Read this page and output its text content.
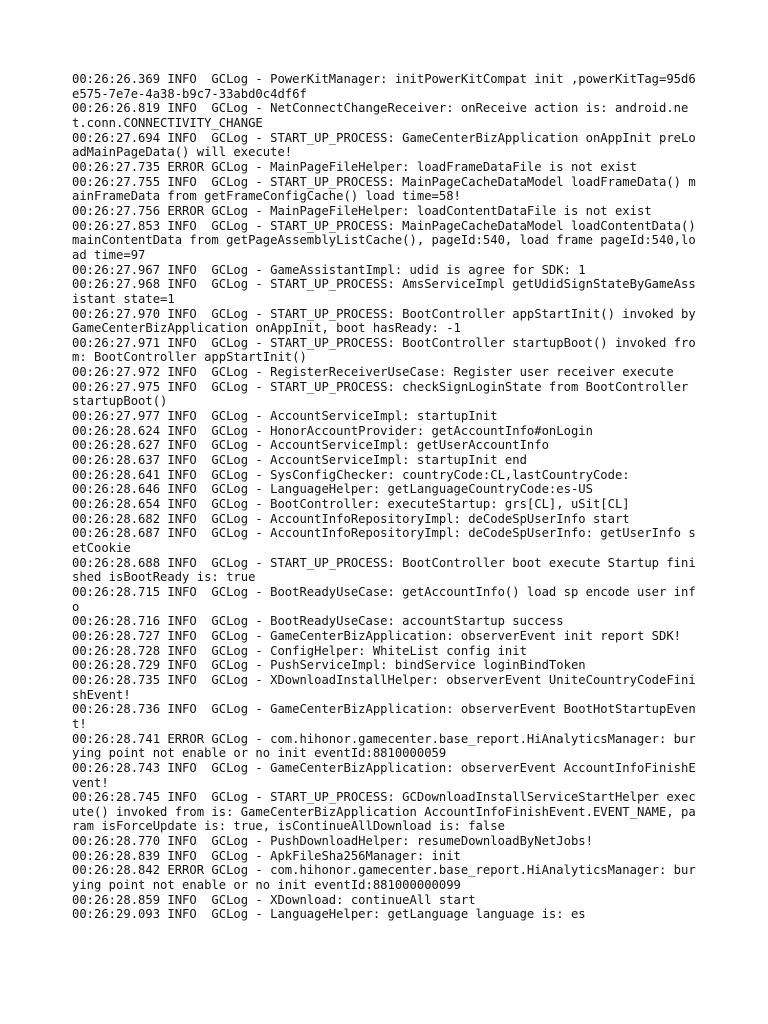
00:26:26.369 INFO  GCLog - PowerKitManager: initPowerKitCompat init ,powerKitTag=95d6e575-7e7e-4a38-b9c7-33abd0c4df6f
00:26:26.819 INFO  GCLog - NetConnectChangeReceiver: onReceive action is: android.net.conn.CONNECTIVITY_CHANGE
00:26:27.694 INFO  GCLog - START_UP_PROCESS: GameCenterBizApplication onAppInit preLoadMainPageData() will execute!
00:26:27.735 ERROR GCLog - MainPageFileHelper: loadFrameDataFile is not exist
00:26:27.755 INFO  GCLog - START_UP_PROCESS: MainPageCacheDataModel loadFrameData() mainFrameData from getFrameConfigCache() load time=58!
00:26:27.756 ERROR GCLog - MainPageFileHelper: loadContentDataFile is not exist
00:26:27.853 INFO  GCLog - START_UP_PROCESS: MainPageCacheDataModel loadContentData() mainContentData from getPageAssemblyListCache(), pageId:540, load frame pageId:540,load time=97
00:26:27.967 INFO  GCLog - GameAssistantImpl: udid is agree for SDK: 1
00:26:27.968 INFO  GCLog - START_UP_PROCESS: AmsServiceImpl getUdidSignStateByGameAssistant state=1
00:26:27.970 INFO  GCLog - START_UP_PROCESS: BootController appStartInit() invoked by GameCenterBizApplication onAppInit, boot hasReady: -1
00:26:27.971 INFO  GCLog - START_UP_PROCESS: BootController startupBoot() invoked from: BootController appStartInit()
00:26:27.972 INFO  GCLog - RegisterReceiverUseCase: Register user receiver execute
00:26:27.975 INFO  GCLog - START_UP_PROCESS: checkSignLoginState from BootController startupBoot()
00:26:27.977 INFO  GCLog - AccountServiceImpl: startupInit
00:26:28.624 INFO  GCLog - HonorAccountProvider: getAccountInfo#onLogin
00:26:28.627 INFO  GCLog - AccountServiceImpl: getUserAccountInfo
00:26:28.637 INFO  GCLog - AccountServiceImpl: startupInit end
00:26:28.641 INFO  GCLog - SysConfigChecker: countryCode:CL,lastCountryCode:
00:26:28.646 INFO  GCLog - LanguageHelper: getLanguageCountryCode:es-US
00:26:28.654 INFO  GCLog - BootController: executeStartup: grs[CL], uSit[CL]
00:26:28.682 INFO  GCLog - AccountInfoRepositoryImpl: deCodeSpUserInfo start
00:26:28.687 INFO  GCLog - AccountInfoRepositoryImpl: deCodeSpUserInfo: getUserInfo setCookie
00:26:28.688 INFO  GCLog - START_UP_PROCESS: BootController boot execute Startup finished isBootReady is: true
00:26:28.715 INFO  GCLog - BootReadyUseCase: getAccountInfo() load sp encode user info
00:26:28.716 INFO  GCLog - BootReadyUseCase: accountStartup success
00:26:28.727 INFO  GCLog - GameCenterBizApplication: observerEvent init report SDK!
00:26:28.728 INFO  GCLog - ConfigHelper: WhiteList config init
00:26:28.729 INFO  GCLog - PushServiceImpl: bindService loginBindToken
00:26:28.735 INFO  GCLog - XDownloadInstallHelper: observerEvent UniteCountryCodeFinishEvent!
00:26:28.736 INFO  GCLog - GameCenterBizApplication: observerEvent BootHotStartupEvent!
00:26:28.741 ERROR GCLog - com.hihonor.gamecenter.base_report.HiAnalyticsManager: burying point not enable or no init eventId:8810000059
00:26:28.743 INFO  GCLog - GameCenterBizApplication: observerEvent AccountInfoFinishEvent!
00:26:28.745 INFO  GCLog - START_UP_PROCESS: GCDownloadInstallServiceStartHelper execute() invoked from is: GameCenterBizApplication AccountInfoFinishEvent.EVENT_NAME, param isForceUpdate is: true, isContinueAllDownload is: false
00:26:28.770 INFO  GCLog - PushDownloadHelper: resumeDownloadByNetJobs!
00:26:28.839 INFO  GCLog - ApkFileSha256Manager: init
00:26:28.842 ERROR GCLog - com.hihonor.gamecenter.base_report.HiAnalyticsManager: burying point not enable or no init eventId:881000000099
00:26:28.859 INFO  GCLog - XDownload: continueAll start
00:26:29.093 INFO  GCLog - LanguageHelper: getLanguage language is: es
